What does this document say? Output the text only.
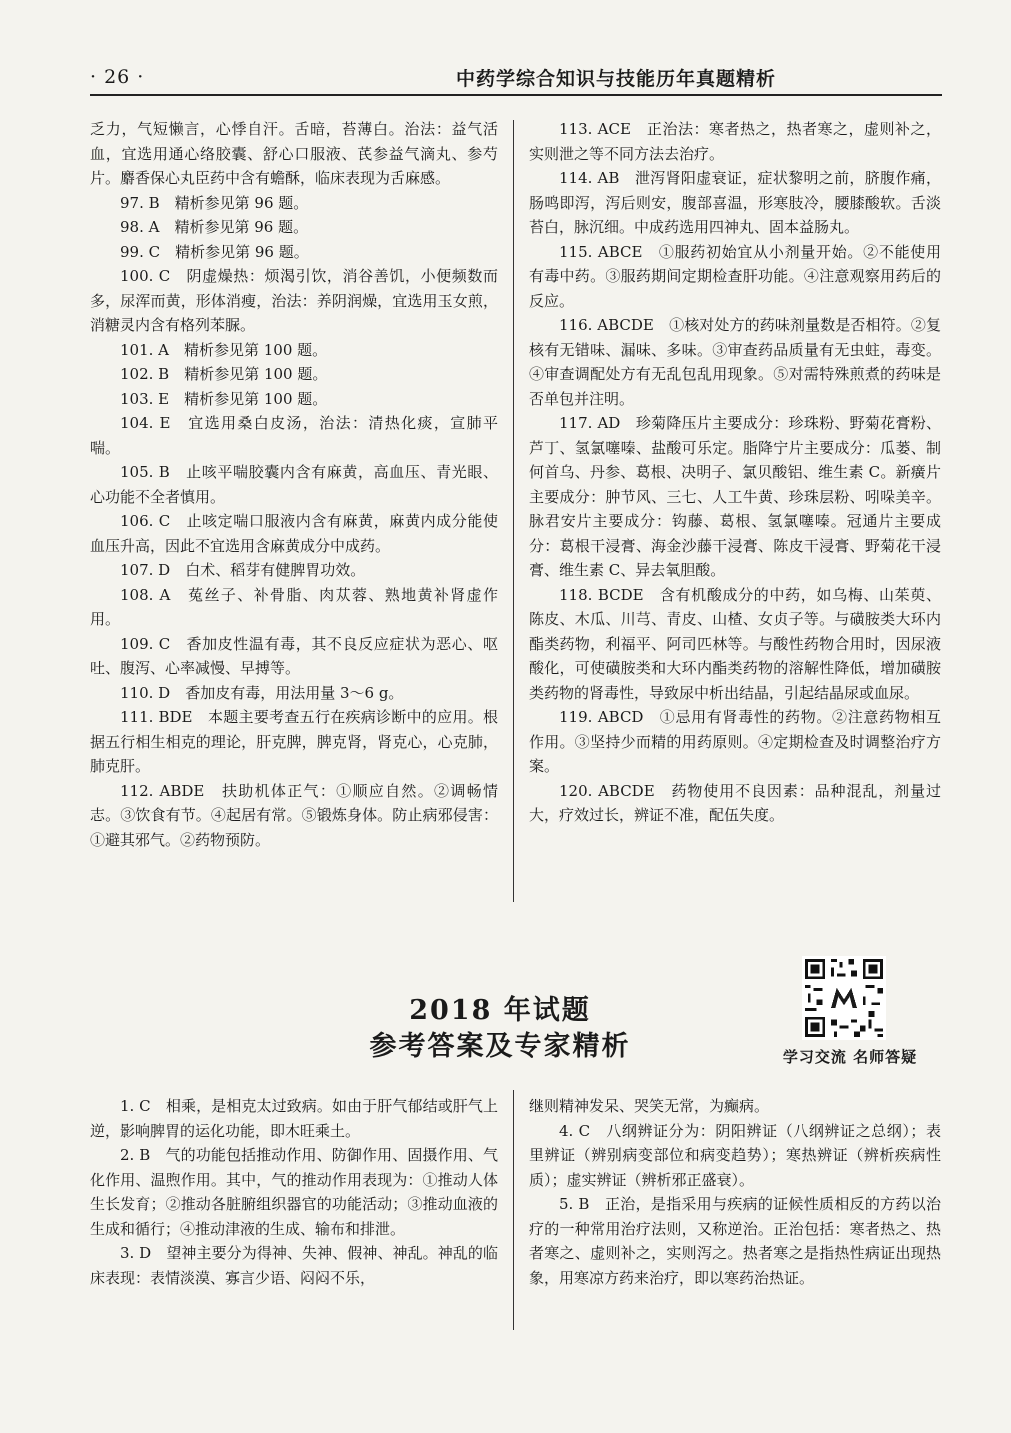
· 26 ·	中药学综合知识与技能历年真题精析

乏力，气短懒言，心悸自汗。舌暗，苔薄白。治法：益气活血，宜选用通心络胶囊、舒心口服液、芪参益气滴丸、参芍片。麝香保心丸臣药中含有蟾酥，临床表现为舌麻感。

97. B　精析参见第 96 题。

98. A　精析参见第 96 题。

99. C　精析参见第 96 题。

100. C　阴虚燥热：烦渴引饮，消谷善饥，小便频数而多，尿浑而黄，形体消瘦，治法：养阴润燥，宜选用玉女煎，消糖灵内含有格列苯脲。

101. A　精析参见第 100 题。

102. B　精析参见第 100 题。

103. E　精析参见第 100 题。

104. E　宜选用桑白皮汤，治法：清热化痰，宣肺平喘。

105. B　止咳平喘胶囊内含有麻黄，高血压、青光眼、心功能不全者慎用。

106. C　止咳定喘口服液内含有麻黄，麻黄内成分能使血压升高，因此不宜选用含麻黄成分中成药。

107. D　白术、稻芽有健脾胃功效。

108. A　菟丝子、补骨脂、肉苁蓉、熟地黄补肾虚作用。

109. C　香加皮性温有毒，其不良反应症状为恶心、呕吐、腹泻、心率减慢、早搏等。

110. D　香加皮有毒，用法用量 3～6 g。

111. BDE　本题主要考查五行在疾病诊断中的应用。根据五行相生相克的理论，肝克脾，脾克肾，肾克心，心克肺，肺克肝。

112. ABDE　扶助机体正气：①顺应自然。②调畅情志。③饮食有节。④起居有常。⑤锻炼身体。防止病邪侵害：①避其邪气。②药物预防。

113. ACE　正治法：寒者热之，热者寒之，虚则补之，实则泄之等不同方法去治疗。

114. AB　泄泻肾阳虚衰证，症状黎明之前，脐腹作痛，肠鸣即泻，泻后则安，腹部喜温，形寒肢冷，腰膝酸软。舌淡苔白，脉沉细。中成药选用四神丸、固本益肠丸。

115. ABCE　①服药初始宜从小剂量开始。②不能使用有毒中药。③服药期间定期检查肝功能。④注意观察用药后的反应。

116. ABCDE　①核对处方的药味剂量数是否相符。②复核有无错味、漏味、多味。③审查药品质量有无虫蛀，毒变。④审查调配处方有无乱包乱用现象。⑤对需特殊煎煮的药味是否单包并注明。

117. AD　珍菊降压片主要成分：珍珠粉、野菊花膏粉、芦丁、氢氯噻嗪、盐酸可乐定。脂降宁片主要成分：瓜蒌、制何首乌、丹参、葛根、决明子、氯贝酸铝、维生素 C。新癀片主要成分：肿节风、三七、人工牛黄、珍珠层粉、吲哚美辛。脉君安片主要成分：钩藤、葛根、氢氯噻嗪。冠通片主要成分：葛根干浸膏、海金沙藤干浸膏、陈皮干浸膏、野菊花干浸膏、维生素 C、异去氧胆酸。

118. BCDE　含有机酸成分的中药，如乌梅、山茱萸、陈皮、木瓜、川芎、青皮、山楂、女贞子等。与磺胺类大环内酯类药物，利福平、阿司匹林等。与酸性药物合用时，因尿液酸化，可使磺胺类和大环内酯类药物的溶解性降低，增加磺胺类药物的肾毒性，导致尿中析出结晶，引起结晶尿或血尿。

119. ABCD　①忌用有肾毒性的药物。②注意药物相互作用。③坚持少而精的用药原则。④定期检查及时调整治疗方案。

120. ABCDE　药物使用不良因素：品种混乱，剂量过大，疗效过长，辨证不准，配伍失度。

2018 年试题
参考答案及专家精析	学习交流 名师答疑

1. C　相乘，是相克太过致病。如由于肝气郁结或肝气上逆，影响脾胃的运化功能，即木旺乘土。

2. B　气的功能包括推动作用、防御作用、固摄作用、气化作用、温煦作用。其中，气的推动作用表现为：①推动人体生长发育；②推动各脏腑组织器官的功能活动；③推动血液的生成和循行；④推动津液的生成、输布和排泄。

3. D　望神主要分为得神、失神、假神、神乱。神乱的临床表现：表情淡漠、寡言少语、闷闷不乐，

继则精神发呆、哭笑无常，为癫病。

4. C　八纲辨证分为：阴阳辨证（八纲辨证之总纲）；表里辨证（辨别病变部位和病变趋势）；寒热辨证（辨析疾病性质）；虚实辨证（辨析邪正盛衰）。

5. B　正治，是指采用与疾病的证候性质相反的方药以治疗的一种常用治疗法则，又称逆治。正治包括：寒者热之、热者寒之、虚则补之，实则泻之。热者寒之是指热性病证出现热象，用寒凉方药来治疗，即以寒药治热证。
